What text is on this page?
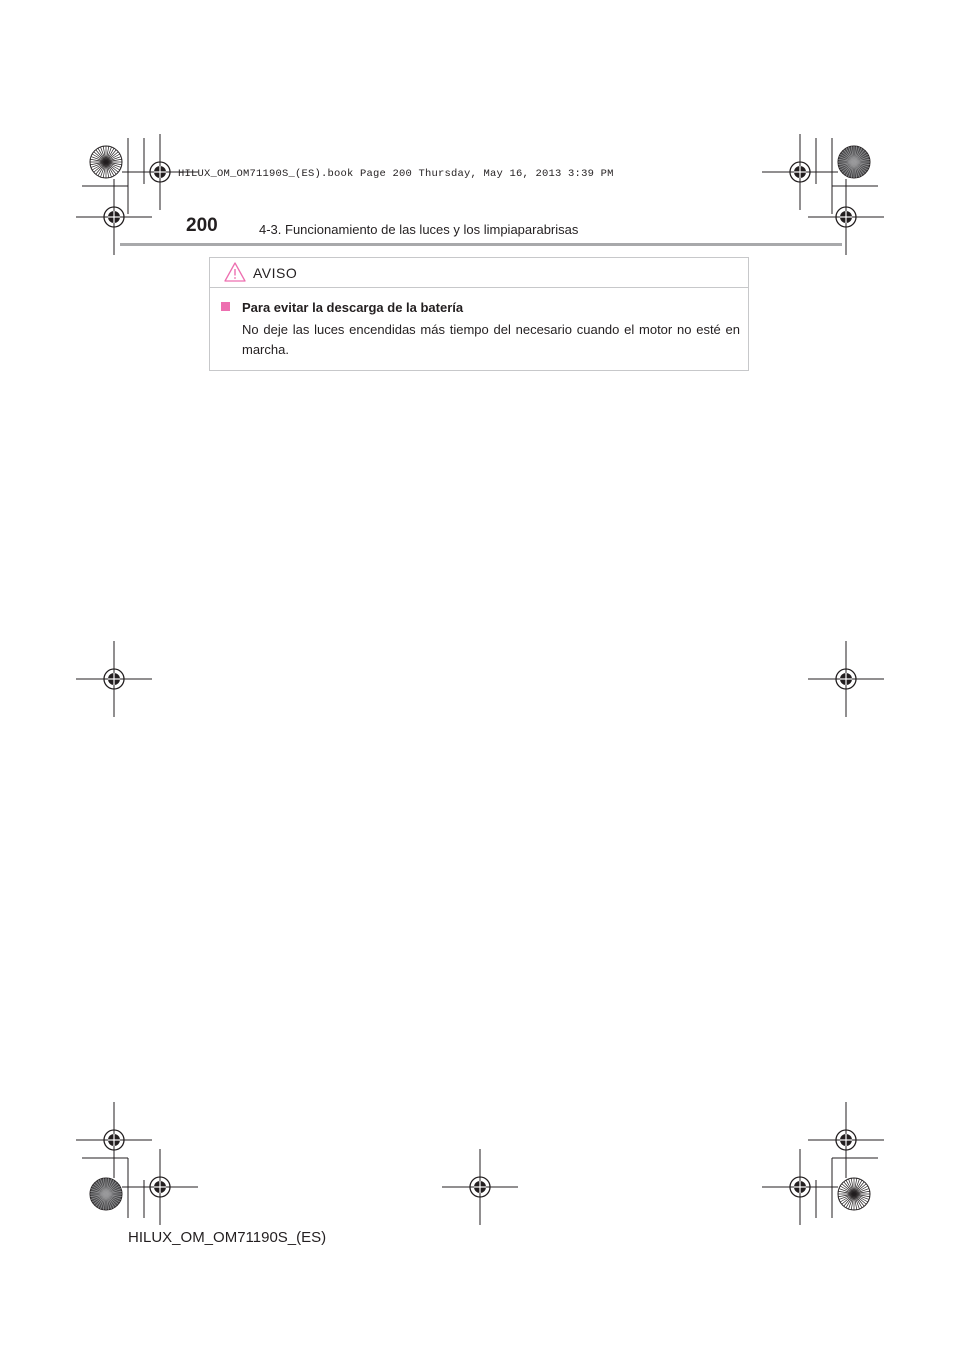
HILUX_OM_OM71190S_(ES).book Page 200 Thursday, May 16, 2013 3:39 PM
200	4-3. Funcionamiento de las luces y los limpiaparabrisas
AVISO
Para evitar la descarga de la batería
No deje las luces encendidas más tiempo del necesario cuando el motor no esté en marcha.
HILUX_OM_OM71190S_(ES)
